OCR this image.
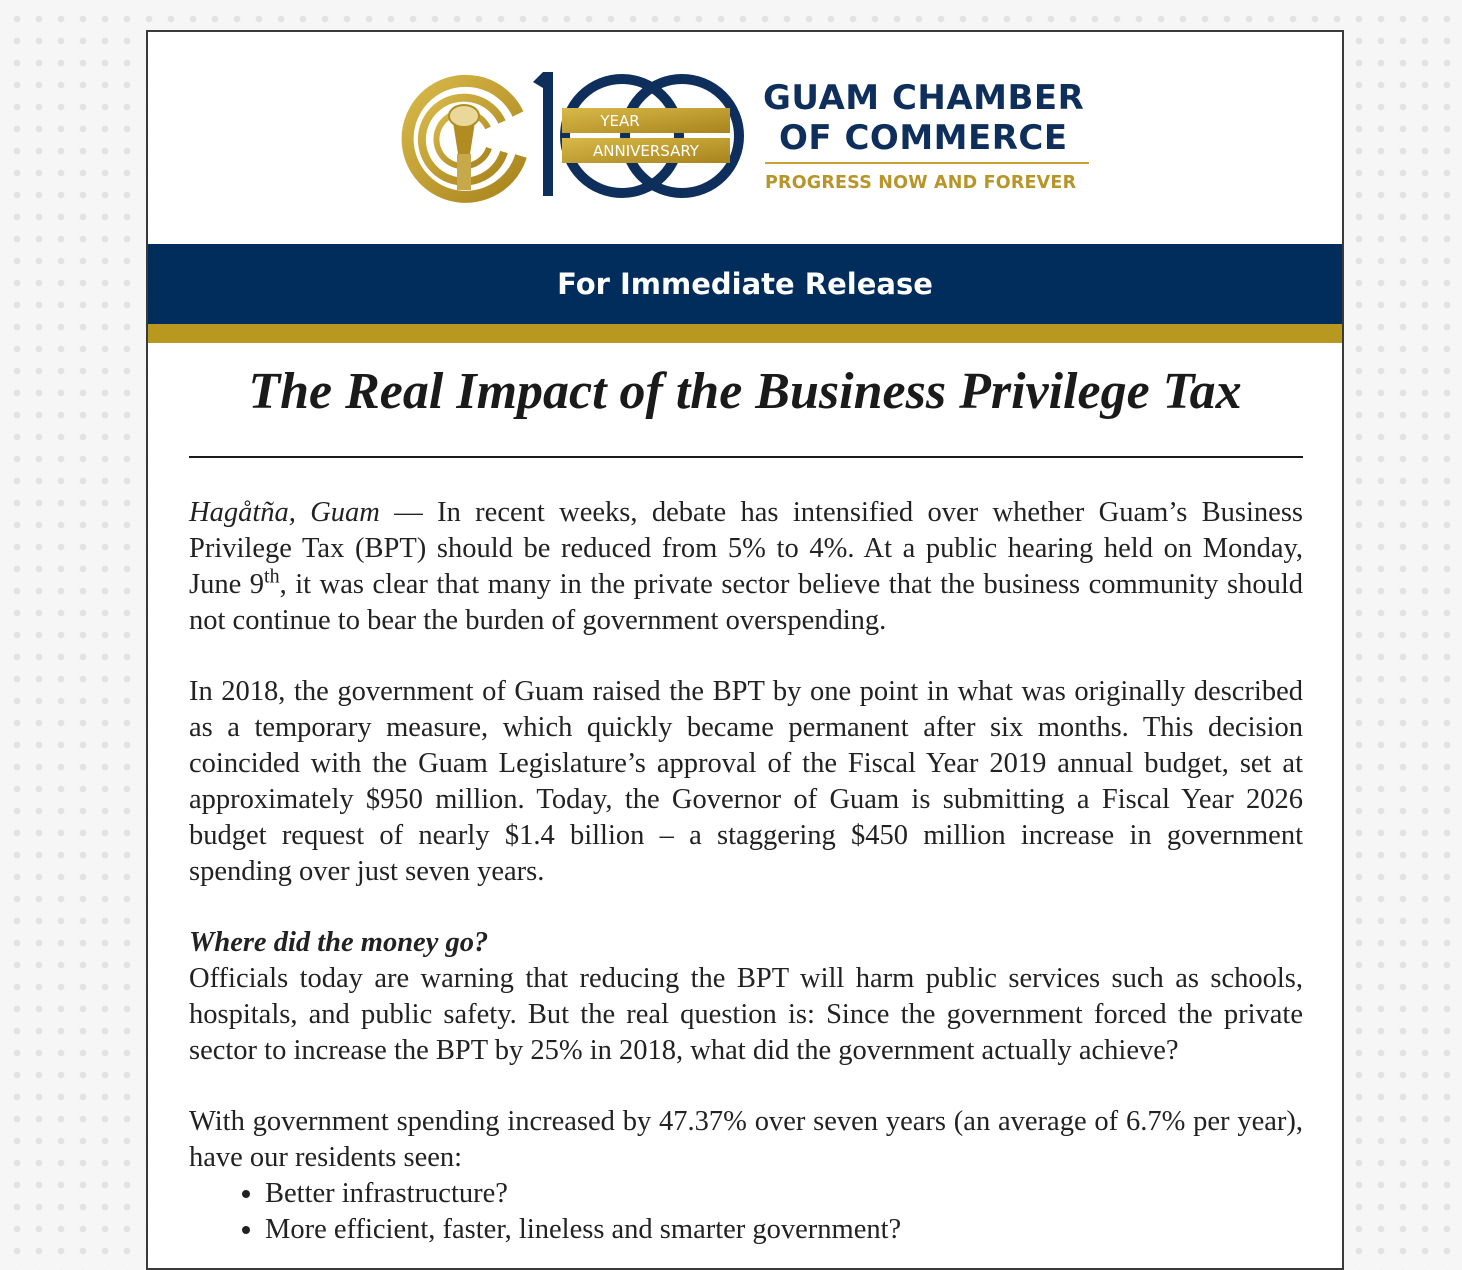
YEAR
ANNIVERSARY
GUAM CHAMBER
OF COMMERCE
PROGRESS NOW AND FOREVER
For Immediate Release
The Real Impact of the Business Privilege Tax

Hagåtña, Guam — In recent weeks, debate has intensified over whether Guam’s Business Privilege Tax (BPT) should be reduced from 5% to 4%. At a public hearing held on Monday, June 9th, it was clear that many in the private sector believe that the business community should not continue to bear the burden of government overspending.

In 2018, the government of Guam raised the BPT by one point in what was originally described as a temporary measure, which quickly became permanent after six months. This decision coincided with the Guam Legislature’s approval of the Fiscal Year 2019 annual budget, set at approximately $950 million. Today, the Governor of Guam is submitting a Fiscal Year 2026 budget request of nearly $1.4 billion – a staggering $450 million increase in government spending over just seven years.

Where did the money go?

Officials today are warning that reducing the BPT will harm public services such as schools, hospitals, and public safety. But the real question is: Since the government forced the private sector to increase the BPT by 25% in 2018, what did the government actually achieve?

With government spending increased by 47.37% over seven years (an average of 6.7% per year), have our residents seen:

• Better infrastructure?
• More efficient, faster, lineless and smarter government?
